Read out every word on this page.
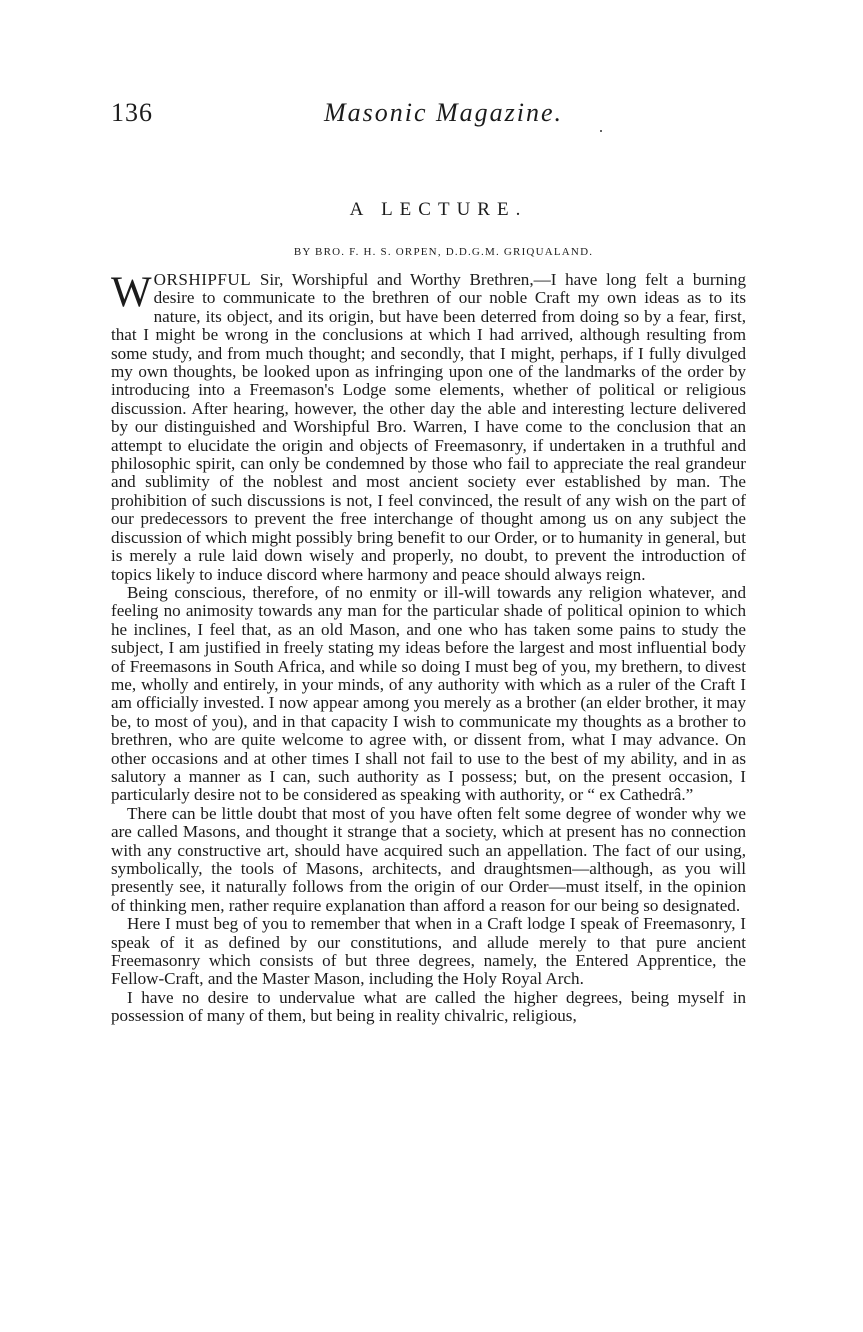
136	Masonic Magazine.
A LECTURE.
BY BRO. F. H. S. ORPEN, D.D.G.M. GRIQUALAND.

WORSHIPFUL Sir, Worshipful and Worthy Brethren,—I have long felt a burning desire to communicate to the brethren of our noble Craft my own ideas as to its nature, its object, and its origin, but have been deterred from doing so by a fear, first, that I might be wrong in the conclusions at which I had arrived, although resulting from some study, and from much thought; and secondly, that I might, perhaps, if I fully divulged my own thoughts, be looked upon as infringing upon one of the landmarks of the order by introducing into a Freemason's Lodge some elements, whether of political or religious discussion. After hearing, however, the other day the able and interesting lecture delivered by our distinguished and Worshipful Bro. Warren, I have come to the conclusion that an attempt to elucidate the origin and objects of Freemasonry, if undertaken in a truthful and philosophic spirit, can only be condemned by those who fail to appreciate the real grandeur and sublimity of the noblest and most ancient society ever established by man. The prohibition of such discussions is not, I feel convinced, the result of any wish on the part of our predecessors to prevent the free interchange of thought among us on any subject the discussion of which might possibly bring benefit to our Order, or to humanity in general, but is merely a rule laid down wisely and properly, no doubt, to prevent the introduction of topics likely to induce discord where harmony and peace should always reign.

Being conscious, therefore, of no enmity or ill-will towards any religion whatever, and feeling no animosity towards any man for the particular shade of political opinion to which he inclines, I feel that, as an old Mason, and one who has taken some pains to study the subject, I am justified in freely stating my ideas before the largest and most influential body of Freemasons in South Africa, and while so doing I must beg of you, my brethern, to divest me, wholly and entirely, in your minds, of any authority with which as a ruler of the Craft I am officially invested. I now appear among you merely as a brother (an elder brother, it may be, to most of you), and in that capacity I wish to communicate my thoughts as a brother to brethren, who are quite welcome to agree with, or dissent from, what I may advance. On other occasions and at other times I shall not fail to use to the best of my ability, and in as salutory a manner as I can, such authority as I possess; but, on the present occasion, I particularly desire not to be considered as speaking with authority, or “ ex Cathedrâ.”

There can be little doubt that most of you have often felt some degree of wonder why we are called Masons, and thought it strange that a society, which at present has no connection with any constructive art, should have acquired such an appellation. The fact of our using, symbolically, the tools of Masons, architects, and draughtsmen—although, as you will presently see, it naturally follows from the origin of our Order—must itself, in the opinion of thinking men, rather require explanation than afford a reason for our being so designated.

Here I must beg of you to remember that when in a Craft lodge I speak of Freemasonry, I speak of it as defined by our constitutions, and allude merely to that pure ancient Freemasonry which consists of but three degrees, namely, the Entered Apprentice, the Fellow-Craft, and the Master Mason, including the Holy Royal Arch.

I have no desire to undervalue what are called the higher degrees, being myself in possession of many of them, but being in reality chivalric, religious,
